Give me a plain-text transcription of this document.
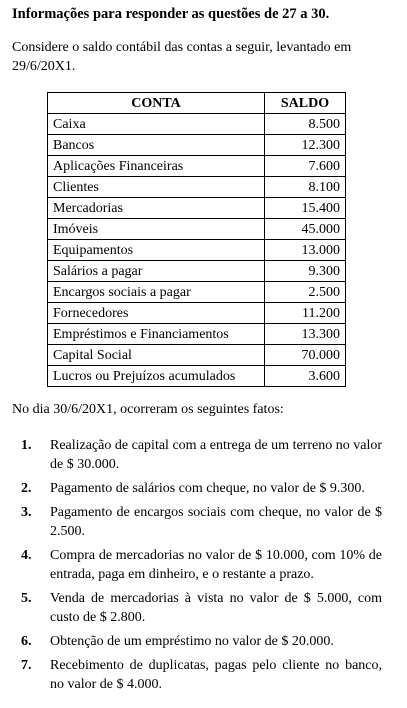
Informações para responder as questões de 27 a 30.
Considere o saldo contábil das contas a seguir, levantado em 29/6/20X1.
CONTA	SALDO
Caixa	8.500
Bancos	12.300
Aplicações Financeiras	7.600
Clientes	8.100
Mercadorias	15.400
Imóveis	45.000
Equipamentos	13.000
Salários a pagar	9.300
Encargos sociais a pagar	2.500
Fornecedores	11.200
Empréstimos e Financiamentos	13.300
Capital Social	70.000
Lucros ou Prejuízos acumulados	3.600
No dia 30/6/20X1, ocorreram os seguintes fatos:
1. Realização de capital com a entrega de um terreno no valor de $ 30.000.
2. Pagamento de salários com cheque, no valor de $ 9.300.
3. Pagamento de encargos sociais com cheque, no valor de $ 2.500.
4. Compra de mercadorias no valor de $ 10.000, com 10% de entrada, paga em dinheiro, e o restante a prazo.
5. Venda de mercadorias à vista no valor de $ 5.000, com custo de $ 2.800.
6. Obtenção de um empréstimo no valor de $ 20.000.
7. Recebimento de duplicatas, pagas pelo cliente no banco, no valor de $ 4.000.
